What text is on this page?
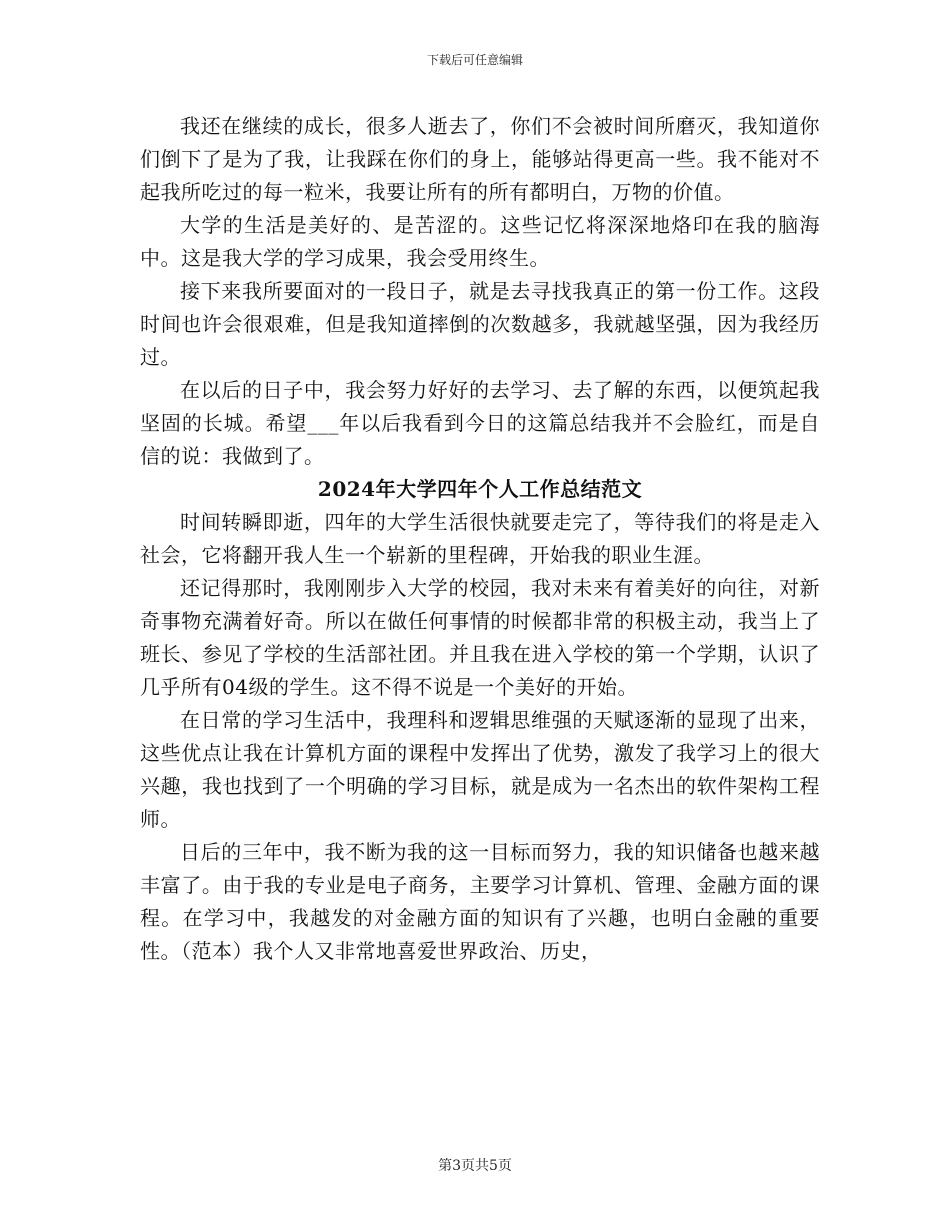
下载后可任意编辑

我还在继续的成长，很多人逝去了，你们不会被时间所磨灭，我知道你们倒下了是为了我，让我踩在你们的身上，能够站得更高一些。我不能对不起我所吃过的每一粒米，我要让所有的所有都明白，万物的价值。

大学的生活是美好的、是苦涩的。这些记忆将深深地烙印在我的脑海中。这是我大学的学习成果，我会受用终生。

接下来我所要面对的一段日子，就是去寻找我真正的第一份工作。这段时间也许会很艰难，但是我知道摔倒的次数越多，我就越坚强，因为我经历过。

在以后的日子中，我会努力好好的去学习、去了解的东西，以便筑起我坚固的长城。希望___年以后我看到今日的这篇总结我并不会脸红，而是自信的说：我做到了。

2024年大学四年个人工作总结范文

时间转瞬即逝，四年的大学生活很快就要走完了，等待我们的将是走入社会，它将翻开我人生一个崭新的里程碑，开始我的职业生涯。

还记得那时，我刚刚步入大学的校园，我对未来有着美好的向往，对新奇事物充满着好奇。所以在做任何事情的时候都非常的积极主动，我当上了班长、参见了学校的生活部社团。并且我在进入学校的第一个学期，认识了几乎所有04级的学生。这不得不说是一个美好的开始。

在日常的学习生活中，我理科和逻辑思维强的天赋逐渐的显现了出来，这些优点让我在计算机方面的课程中发挥出了优势，激发了我学习上的很大兴趣，我也找到了一个明确的学习目标，就是成为一名杰出的软件架构工程师。

日后的三年中，我不断为我的这一目标而努力，我的知识储备也越来越丰富了。由于我的专业是电子商务，主要学习计算机、管理、金融方面的课程。在学习中，我越发的对金融方面的知识有了兴趣，也明白金融的重要性。（范本）我个人又非常地喜爱世界政治、历史，

第3页共5页
